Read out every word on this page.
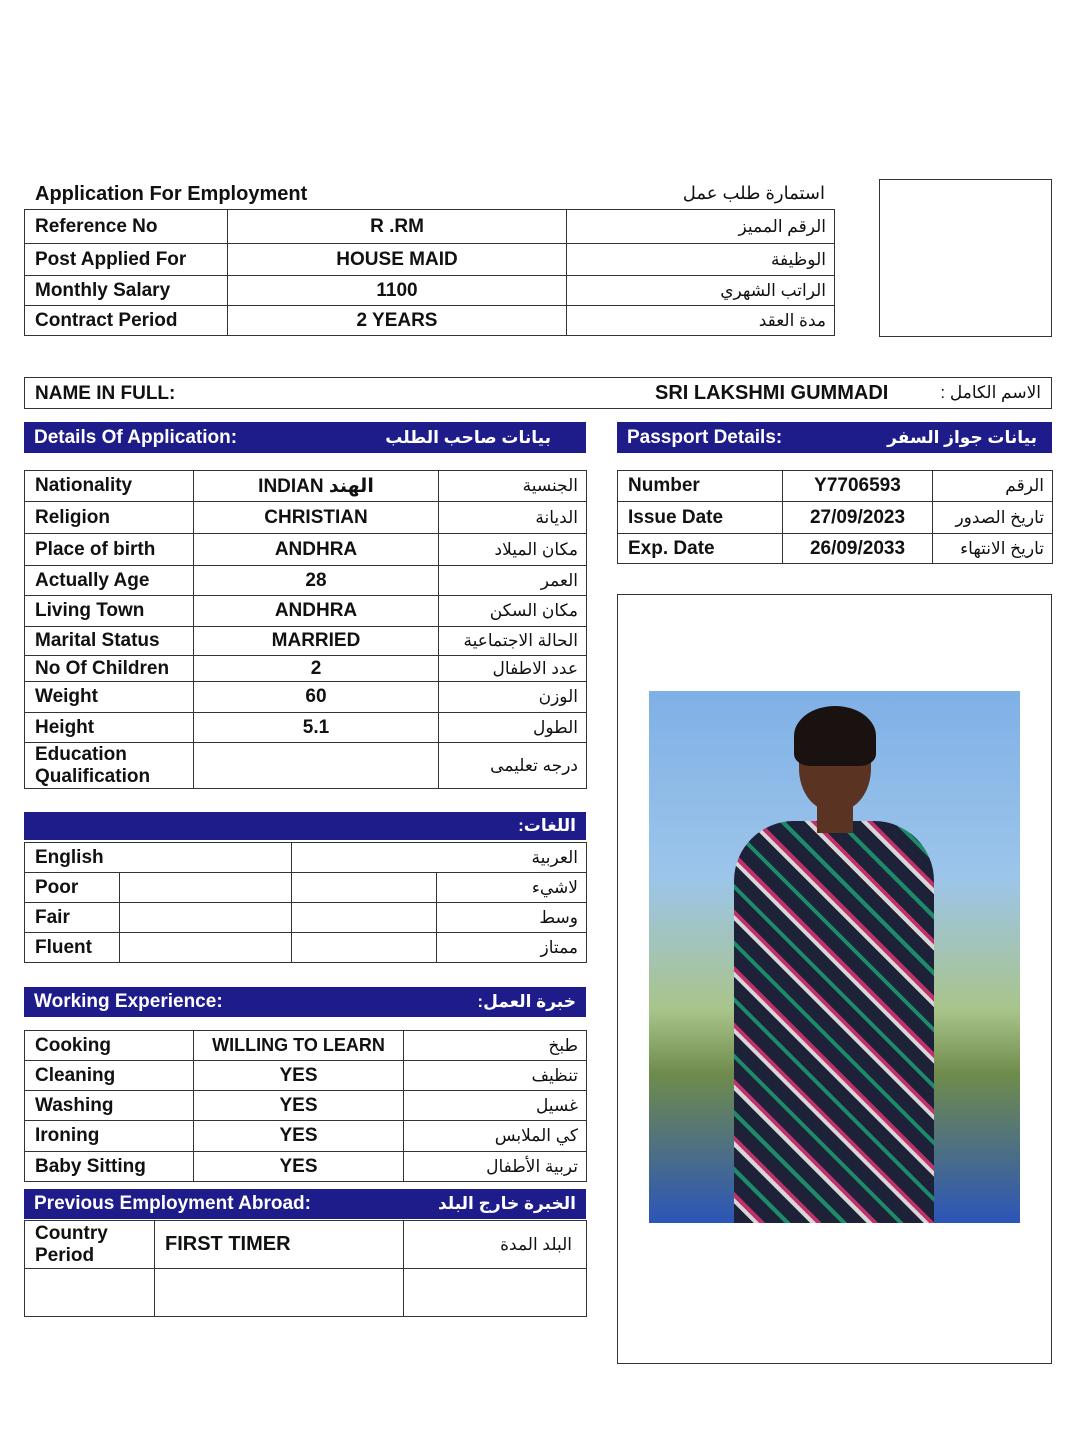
Application For Employment	استمارة طلب عمل
Reference No	R .RM	الرقم المميز
Post Applied For	HOUSE MAID	الوظيفة
Monthly Salary	1100	الراتب الشهري
Contract Period	2 YEARS	مدة العقد
NAME IN FULL:	SRI LAKSHMI GUMMADI	الاسم الكامل :
Details Of Application:	بيانات صاحب الطلب
Nationality	INDIAN الهند	الجنسية
Religion	CHRISTIAN	الديانة
Place of birth	ANDHRA	مكان الميلاد
Actually Age	28	العمر
Living Town	ANDHRA	مكان السكن
Marital Status	MARRIED	الحالة الاجتماعية
No Of Children	2	عدد الاطفال
Weight	60	الوزن
Height	5.1	الطول
Education Qualification		درجه تعليمى
Passport Details:	بيانات جواز السفر
Number	Y7706593	الرقم
Issue Date	27/09/2023	تاريخ الصدور
Exp. Date	26/09/2033	تاريخ الانتهاء
اللغات:
English		العربية	
Poor			لاشيء
Fair			وسط
Fluent			ممتاز
Working Experience:	خبرة العمل:
Cooking	WILLING TO LEARN	طبخ
Cleaning	YES	تنظيف
Washing	YES	غسيل
Ironing	YES	كي الملابس
Baby Sitting	YES	تربية الأطفال
Previous Employment Abroad:	الخبرة خارج البلد
Country Period	FIRST TIMER	البلد المدة
